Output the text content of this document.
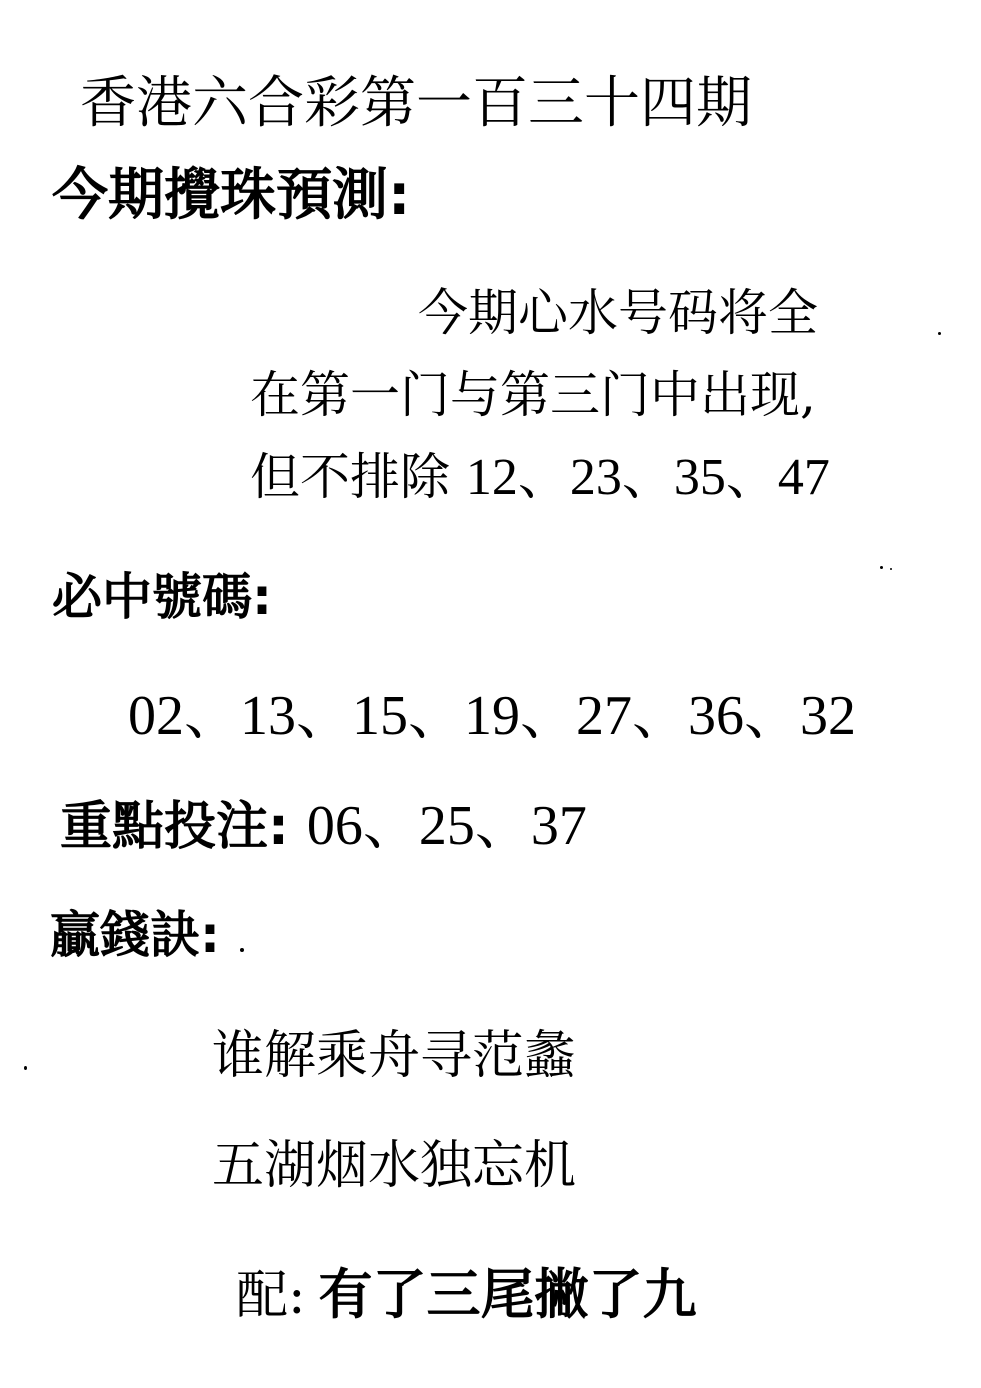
香港六合彩第一百三十四期
今期攪珠預測:
今期心水号码将全
在第一门与第三门中出现,
但不排除 12、23、35、47
必中號碼:
02、13、15、19、27、36、32
重點投注: 06、25、37
贏錢訣:
谁解乘舟寻范蠡
五湖烟水独忘机
配: 有了三尾撇了九
